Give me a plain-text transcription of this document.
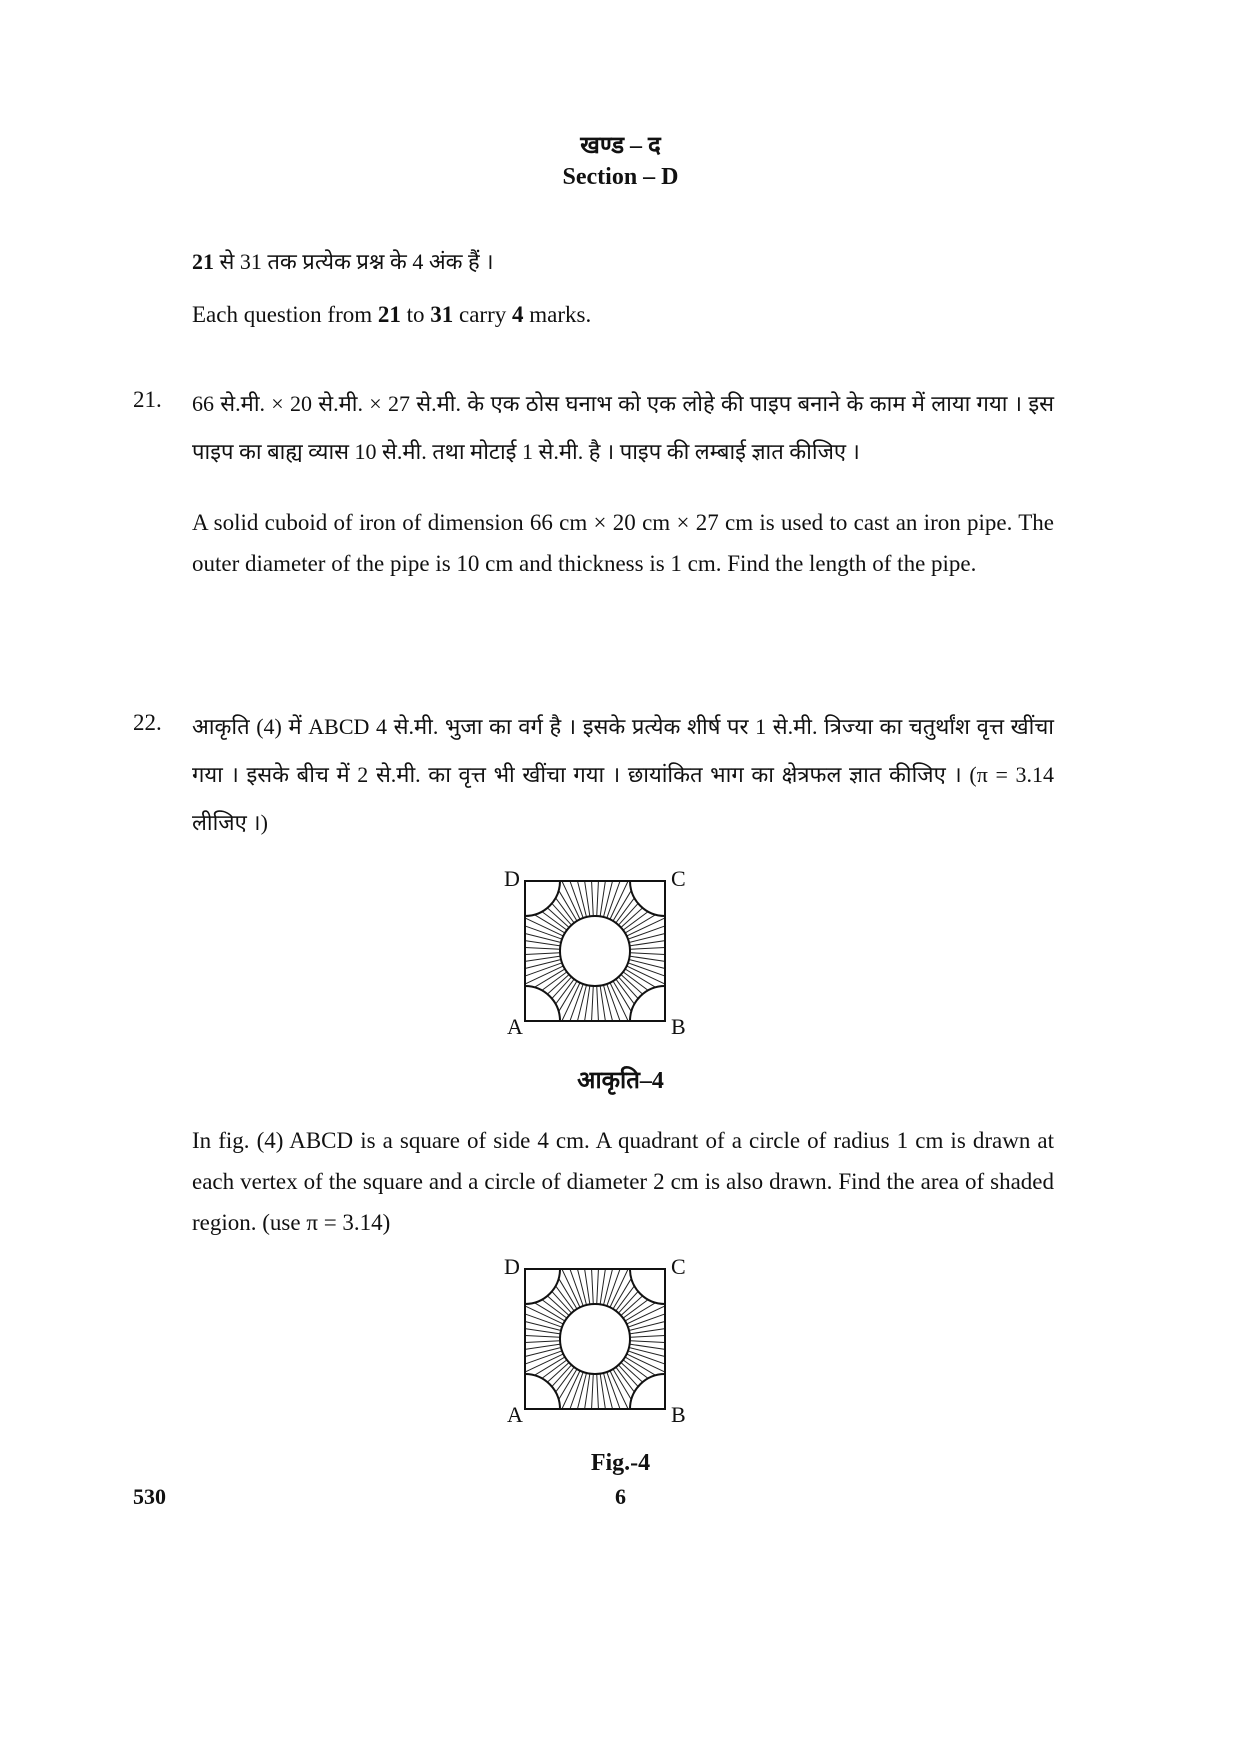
खण्ड – द
Section – D
21 से 31 तक प्रत्येक प्रश्न के 4 अंक हैं ।
Each question from 21 to 31 carry 4 marks.
21. 66 से.मी. × 20 से.मी. × 27 से.मी. के एक ठोस घनाभ को एक लोहे की पाइप बनाने के काम में लाया गया । इस पाइप का बाह्य व्यास 10 से.मी. तथा मोटाई 1 से.मी. है । पाइप की लम्बाई ज्ञात कीजिए ।
A solid cuboid of iron of dimension 66 cm × 20 cm × 27 cm is used to cast an iron pipe. The outer diameter of the pipe is 10 cm and thickness is 1 cm. Find the length of the pipe.
22. आकृति (4) में ABCD 4 से.मी. भुजा का वर्ग है । इसके प्रत्येक शीर्ष पर 1 से.मी. त्रिज्या का चतुर्थांश वृत्त खींचा गया । इसके बीच में 2 से.मी. का वृत्त भी खींचा गया । छायांकित भाग का क्षेत्रफल ज्ञात कीजिए । (π = 3.14 लीजिए ।)
D	C
A	B
आकृति–4
In fig. (4) ABCD is a square of side 4 cm. A quadrant of a circle of radius 1 cm is drawn at each vertex of the square and a circle of diameter 2 cm is also drawn. Find the area of shaded region. (use π = 3.14)
D	C
A	B
Fig.-4
530	6
